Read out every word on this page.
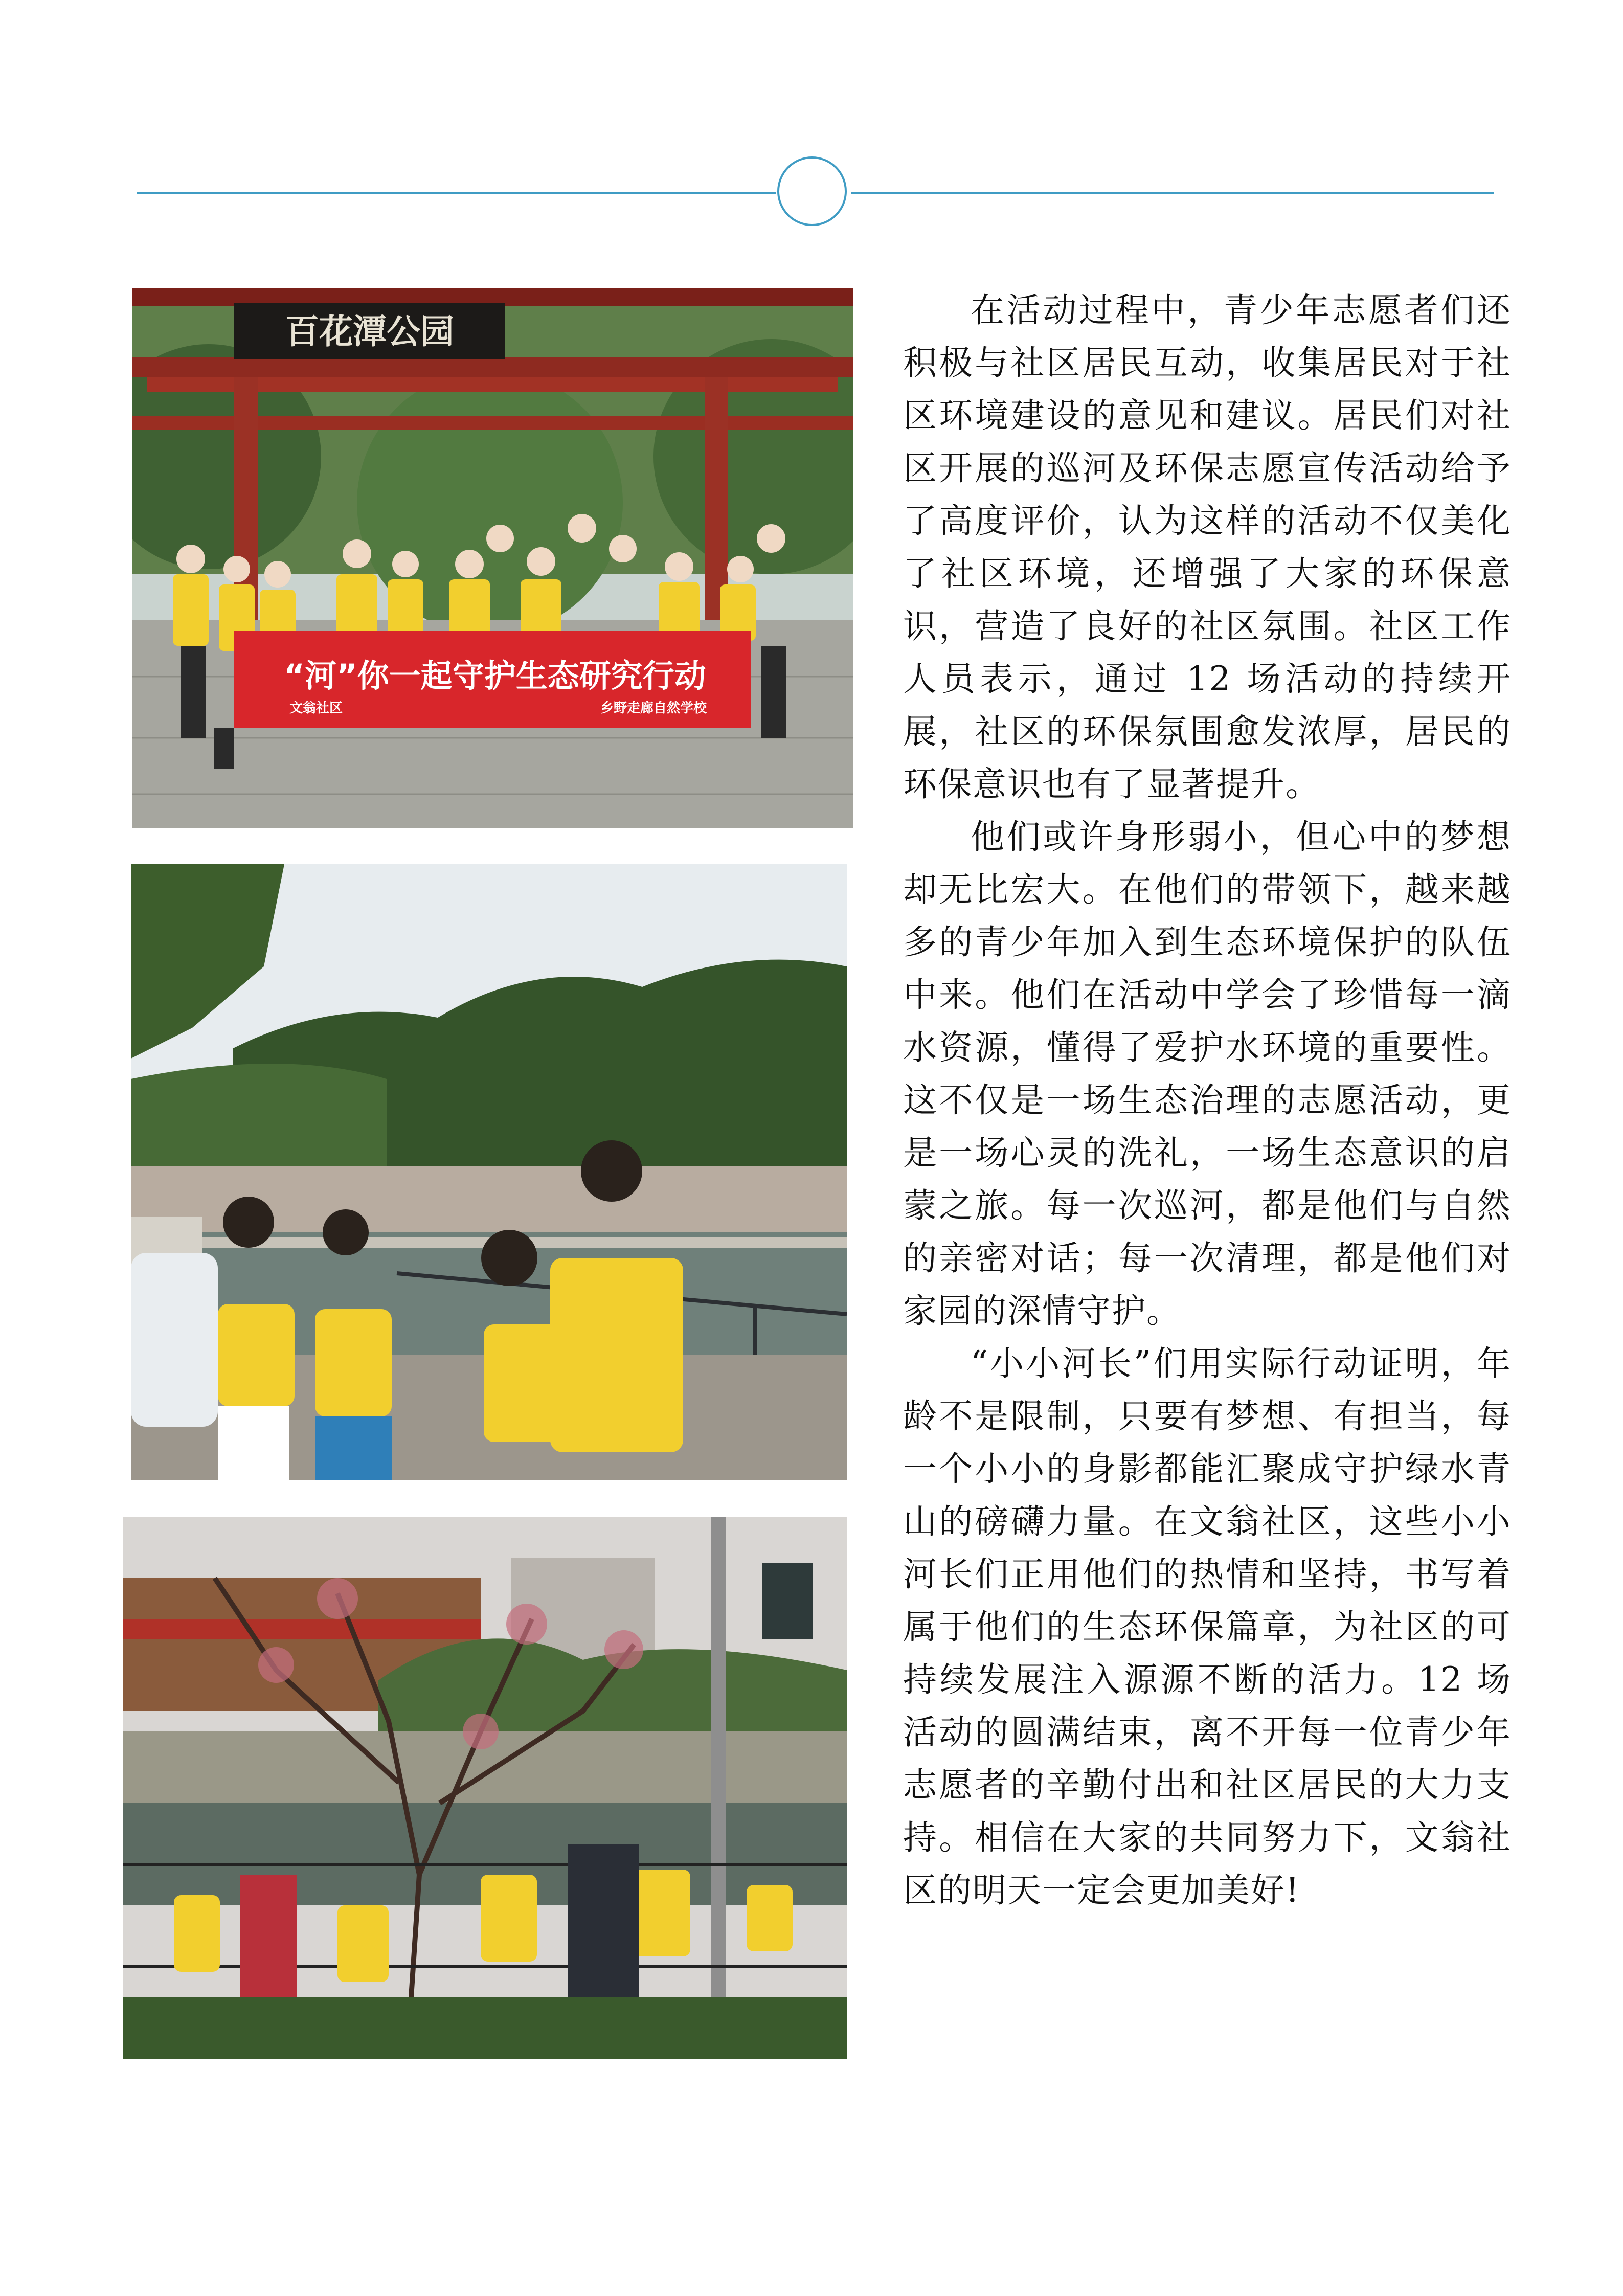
百花潭公园
“河”你一起守护生态研究行动
文翁社区	乡野走廊自然学校

在活动过程中，青少年志愿者们还积极与社区居民互动，收集居民对于社区环境建设的意见和建议。居民们对社区开展的巡河及环保志愿宣传活动给予了高度评价，认为这样的活动不仅美化了社区环境，还增强了大家的环保意识，营造了良好的社区氛围。社区工作人员表示，通过 12 场活动的持续开展，社区的环保氛围愈发浓厚，居民的环保意识也有了显著提升。

他们或许身形弱小，但心中的梦想却无比宏大。在他们的带领下，越来越多的青少年加入到生态环境保护的队伍中来。他们在活动中学会了珍惜每一滴水资源，懂得了爱护水环境的重要性。这不仅是一场生态治理的志愿活动，更是一场心灵的洗礼，一场生态意识的启蒙之旅。每一次巡河，都是他们与自然的亲密对话；每一次清理，都是他们对家园的深情守护。

“小小河长”们用实际行动证明，年龄不是限制，只要有梦想、有担当，每一个小小的身影都能汇聚成守护绿水青山的磅礴力量。在文翁社区，这些小小河长们正用他们的热情和坚持，书写着属于他们的生态环保篇章，为社区的可持续发展注入源源不断的活力。12 场活动的圆满结束，离不开每一位青少年志愿者的辛勤付出和社区居民的大力支持。相信在大家的共同努力下，文翁社区的明天一定会更加美好!
